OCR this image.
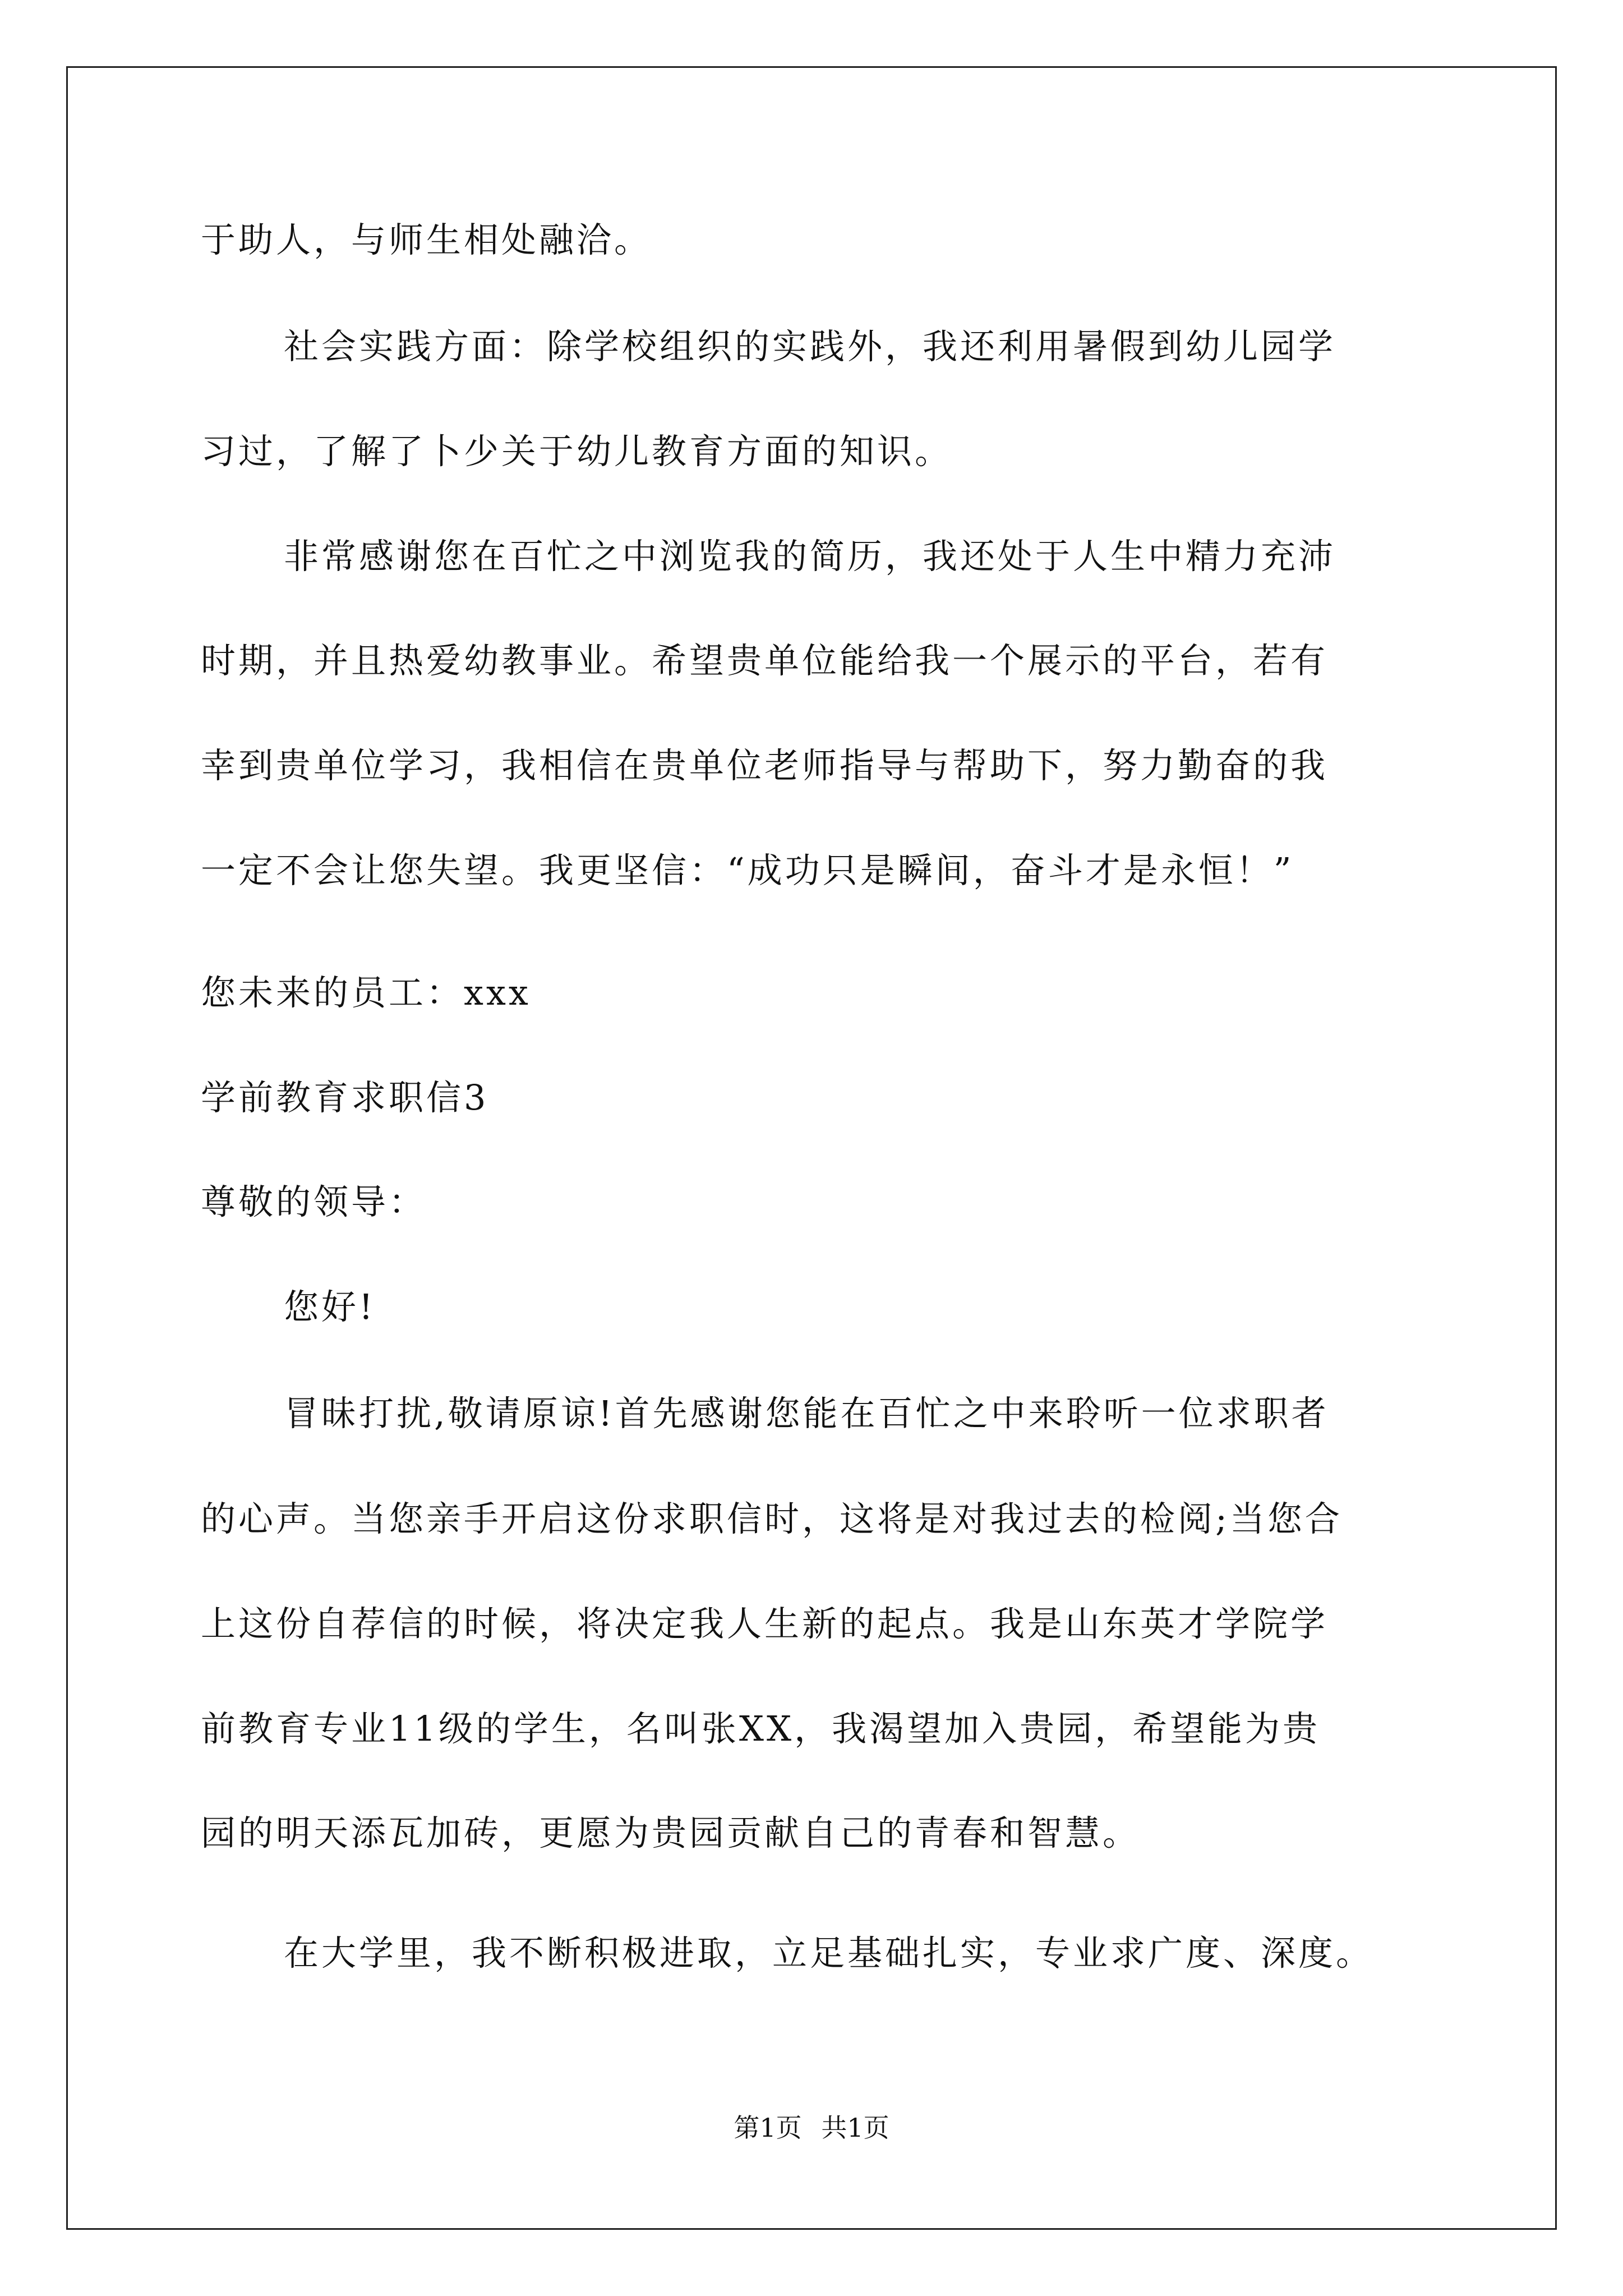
于助人，与师生相处融洽。
社会实践方面：除学校组织的实践外，我还利用暑假到幼儿园学
习过，了解了卜少关于幼儿教育方面的知识。
非常感谢您在百忙之中浏览我的简历，我还处于人生中精力充沛
时期，并且热爱幼教事业。希望贵单位能给我一个展示的平台，若有
幸到贵单位学习，我相信在贵单位老师指导与帮助下，努力勤奋的我
一定不会让您失望。我更坚信：“成功只是瞬间，奋斗才是永恒！”
您未来的员工：xxx
学前教育求职信3
尊敬的领导：
您好!
冒昧打扰,敬请原谅!首先感谢您能在百忙之中来聆听一位求职者
的心声。当您亲手开启这份求职信时，这将是对我过去的检阅;当您合
上这份自荐信的时候，将决定我人生新的起点。我是山东英才学院学
前教育专业11级的学生，名叫张XX，我渴望加入贵园，希望能为贵
园的明天添瓦加砖，更愿为贵园贡献自己的青春和智慧。
在大学里，我不断积极进取，立足基础扎实，专业求广度、深度。
第1页 共1页
